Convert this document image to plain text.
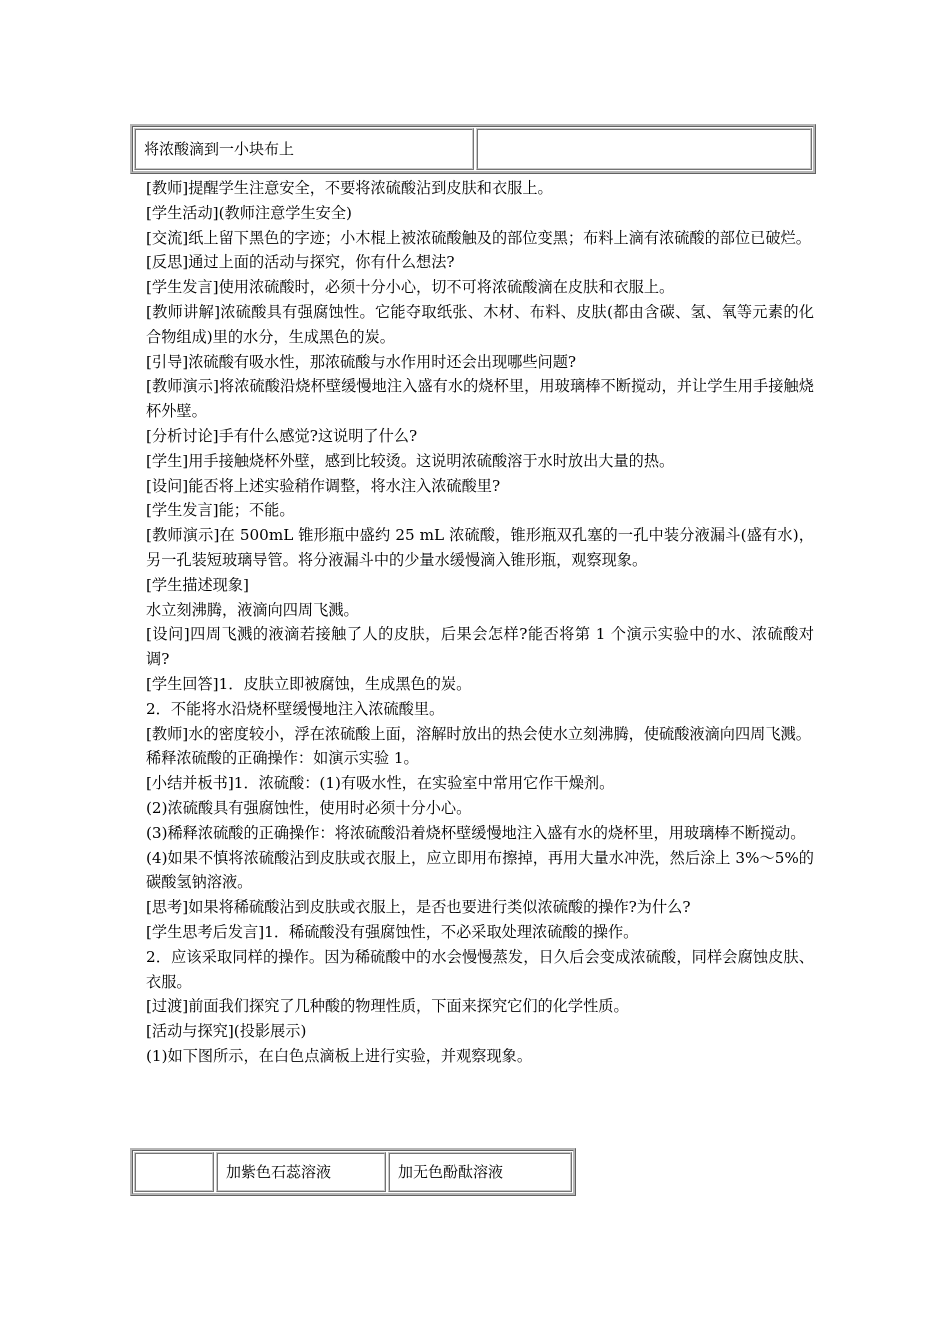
将浓酸滴到一小块布上

[教师]提醒学生注意安全，不要将浓硫酸沾到皮肤和衣服上。

[学生活动](教师注意学生安全)

[交流]纸上留下黑色的字迹；小木棍上被浓硫酸触及的部位变黑；布料上滴有浓硫酸的部位已破烂。

[反思]通过上面的活动与探究，你有什么想法?

[学生发言]使用浓硫酸时，必须十分小心，切不可将浓硫酸滴在皮肤和衣服上。

[教师讲解]浓硫酸具有强腐蚀性。它能夺取纸张、木材、布料、皮肤(都由含碳、氢、氧等元素的化合物组成)里的水分，生成黑色的炭。

[引导]浓硫酸有吸水性，那浓硫酸与水作用时还会出现哪些问题?

[教师演示]将浓硫酸沿烧杯壁缓慢地注入盛有水的烧杯里，用玻璃棒不断搅动，并让学生用手接触烧杯外壁。

[分析讨论]手有什么感觉?这说明了什么?

[学生]用手接触烧杯外壁，感到比较烫。这说明浓硫酸溶于水时放出大量的热。

[设问]能否将上述实验稍作调整，将水注入浓硫酸里?

[学生发言]能；不能。

[教师演示]在 500mL 锥形瓶中盛约 25 mL 浓硫酸，锥形瓶双孔塞的一孔中装分液漏斗(盛有水)，另一孔装短玻璃导管。将分液漏斗中的少量水缓慢滴入锥形瓶，观察现象。

[学生描述现象]

水立刻沸腾，液滴向四周飞溅。

[设问]四周飞溅的液滴若接触了人的皮肤，后果会怎样?能否将第 1 个演示实验中的水、浓硫酸对调?

[学生回答]1．皮肤立即被腐蚀，生成黑色的炭。

2．不能将水沿烧杯壁缓慢地注入浓硫酸里。

[教师]水的密度较小，浮在浓硫酸上面，溶解时放出的热会使水立刻沸腾，使硫酸液滴向四周飞溅。

稀释浓硫酸的正确操作：如演示实验 1。

[小结并板书]1．浓硫酸：(1)有吸水性，在实验室中常用它作干燥剂。

(2)浓硫酸具有强腐蚀性，使用时必须十分小心。

(3)稀释浓硫酸的正确操作：将浓硫酸沿着烧杯壁缓慢地注入盛有水的烧杯里，用玻璃棒不断搅动。

(4)如果不慎将浓硫酸沾到皮肤或衣服上，应立即用布擦掉，再用大量水冲洗，然后涂上 3%～5%的碳酸氢钠溶液。

[思考]如果将稀硫酸沾到皮肤或衣服上，是否也要进行类似浓硫酸的操作?为什么?

[学生思考后发言]1．稀硫酸没有强腐蚀性，不必采取处理浓硫酸的操作。

2．应该采取同样的操作。因为稀硫酸中的水会慢慢蒸发，日久后会变成浓硫酸，同样会腐蚀皮肤、衣服。

[过渡]前面我们探究了几种酸的物理性质，下面来探究它们的化学性质。

[活动与探究](投影展示)

(1)如下图所示，在白色点滴板上进行实验，并观察现象。

加紫色石蕊溶液	加无色酚酞溶液
